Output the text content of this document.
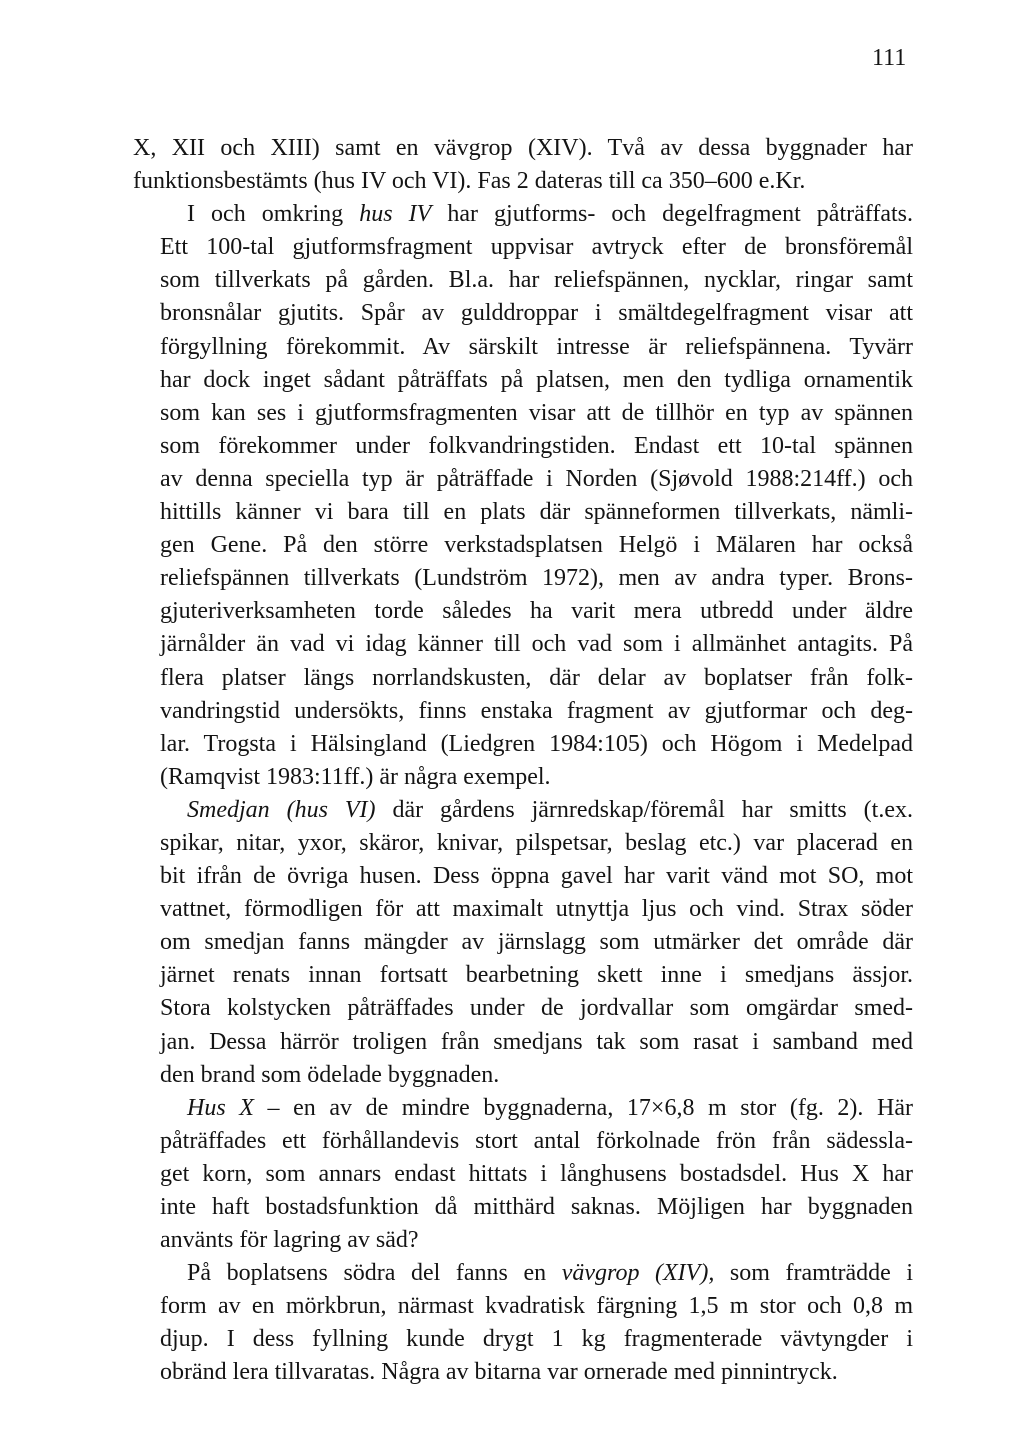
111
X, XII och XIII) samt en vävgrop (XIV). Två av dessa byggnader har
funktionsbestämts (hus IV och VI). Fas 2 dateras till ca 350–600 e.Kr.
I och omkring hus IV har gjutforms- och degelfragment påträffats.
Ett 100-tal gjutformsfragment uppvisar avtryck efter de bronsföremål
som tillverkats på gården. Bl.a. har reliefspännen, nycklar, ringar samt
bronsnålar gjutits. Spår av gulddroppar i smältdegelfragment visar att
förgyllning förekommit. Av särskilt intresse är reliefspännena. Tyvärr
har dock inget sådant påträffats på platsen, men den tydliga ornamentik
som kan ses i gjutformsfragmenten visar att de tillhör en typ av spännen
som förekommer under folkvandringstiden. Endast ett 10-tal spännen
av denna speciella typ är påträffade i Norden (Sjøvold 1988:214ff.) och
hittills känner vi bara till en plats där spänneformen tillverkats, nämli-
gen Gene. På den större verkstadsplatsen Helgö i Mälaren har också
reliefspännen tillverkats (Lundström 1972), men av andra typer. Brons-
gjuteriverksamheten torde således ha varit mera utbredd under äldre
järnålder än vad vi idag känner till och vad som i allmänhet antagits. På
flera platser längs norrlandskusten, där delar av boplatser från folk-
vandringstid undersökts, finns enstaka fragment av gjutformar och deg-
lar. Trogsta i Hälsingland (Liedgren 1984:105) och Högom i Medelpad
(Ramqvist 1983:11ff.) är några exempel.
Smedjan (hus VI) där gårdens järnredskap/föremål har smitts (t.ex.
spikar, nitar, yxor, skäror, knivar, pilspetsar, beslag etc.) var placerad en
bit ifrån de övriga husen. Dess öppna gavel har varit vänd mot SO, mot
vattnet, förmodligen för att maximalt utnyttja ljus och vind. Strax söder
om smedjan fanns mängder av järnslagg som utmärker det område där
järnet renats innan fortsatt bearbetning skett inne i smedjans ässjor.
Stora kolstycken påträffades under de jordvallar som omgärdar smed-
jan. Dessa härrör troligen från smedjans tak som rasat i samband med
den brand som ödelade byggnaden.
Hus X – en av de mindre byggnaderna, 17×6,8 m stor (fg. 2). Här
påträffades ett förhållandevis stort antal förkolnade frön från sädessla-
get korn, som annars endast hittats i långhusens bostadsdel. Hus X har
inte haft bostadsfunktion då mitthärd saknas. Möjligen har byggnaden
använts för lagring av säd?
På boplatsens södra del fanns en vävgrop (XIV), som framträdde i
form av en mörkbrun, närmast kvadratisk färgning 1,5 m stor och 0,8 m
djup. I dess fyllning kunde drygt 1 kg fragmenterade vävtyngder i
obränd lera tillvaratas. Några av bitarna var ornerade med pinnintryck.
